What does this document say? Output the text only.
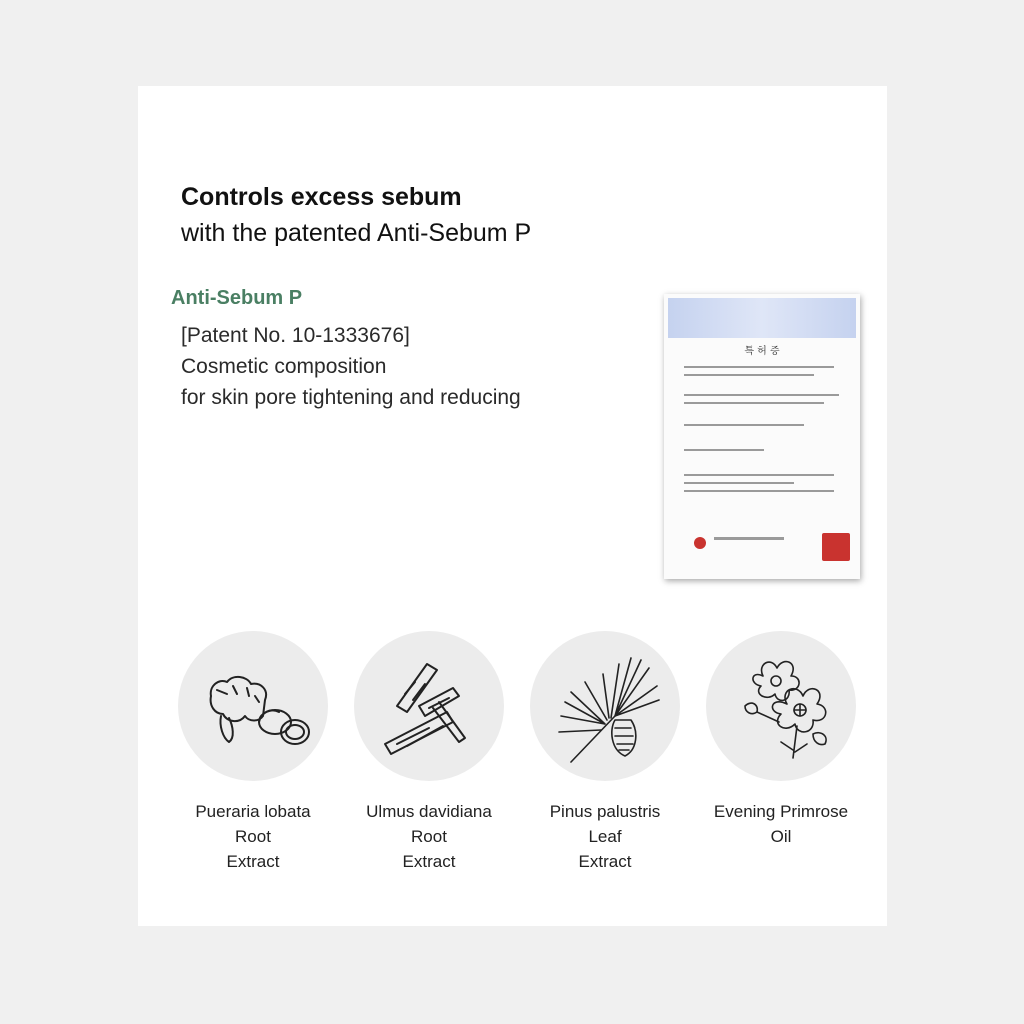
Controls excess sebum
with the patented Anti-Sebum P
Anti-Sebum P
[Patent No. 10-1333676]
Cosmetic composition
for skin pore tightening and reducing
특 허 증
Pueraria lobata
Root
Extract
Ulmus davidiana
Root
Extract
Pinus palustris
Leaf
Extract
Evening Primrose
Oil
